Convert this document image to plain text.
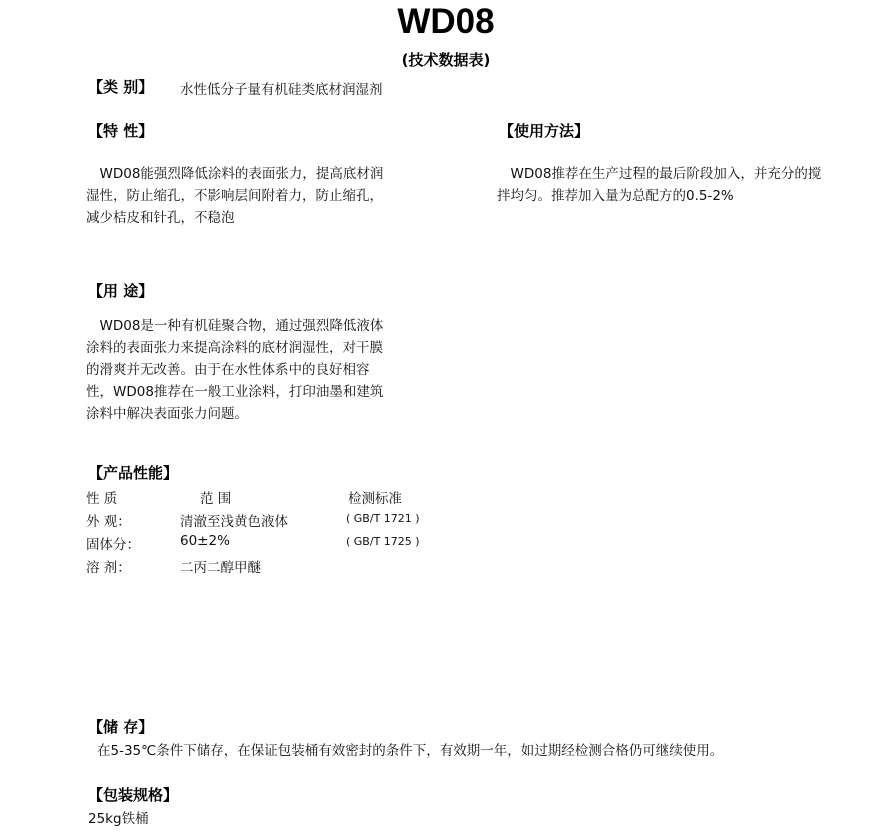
WD08
(技术数据表)
【类 别】 水性低分子量有机硅类底材润湿剂
【特 性】
　WD08能强烈降低涂料的表面张力，提高底材润
湿性，防止缩孔，不影响层间附着力，防止缩孔，
减少桔皮和针孔，不稳泡
【使用方法】
　WD08推荐在生产过程的最后阶段加入，并充分的搅
拌均匀。推荐加入量为总配方的0.5-2%
【用 途】
　WD08是一种有机硅聚合物，通过强烈降低液体
涂料的表面张力来提高涂料的底材润湿性，对干膜
的滑爽并无改善。由于在水性体系中的良好相容
性，WD08推荐在一般工业涂料，打印油墨和建筑
涂料中解决表面张力问题。
【产品性能】
性 质	范 围	检测标准
外 观：	清澈至浅黄色液体	( GB/T 1721 )
固体分：	60±2%	( GB/T 1725 )
溶 剂：	二丙二醇甲醚
【储 存】
在5-35℃条件下储存，在保证包装桶有效密封的条件下，有效期一年，如过期经检测合格仍可继续使用。
【包装规格】
25kg铁桶
